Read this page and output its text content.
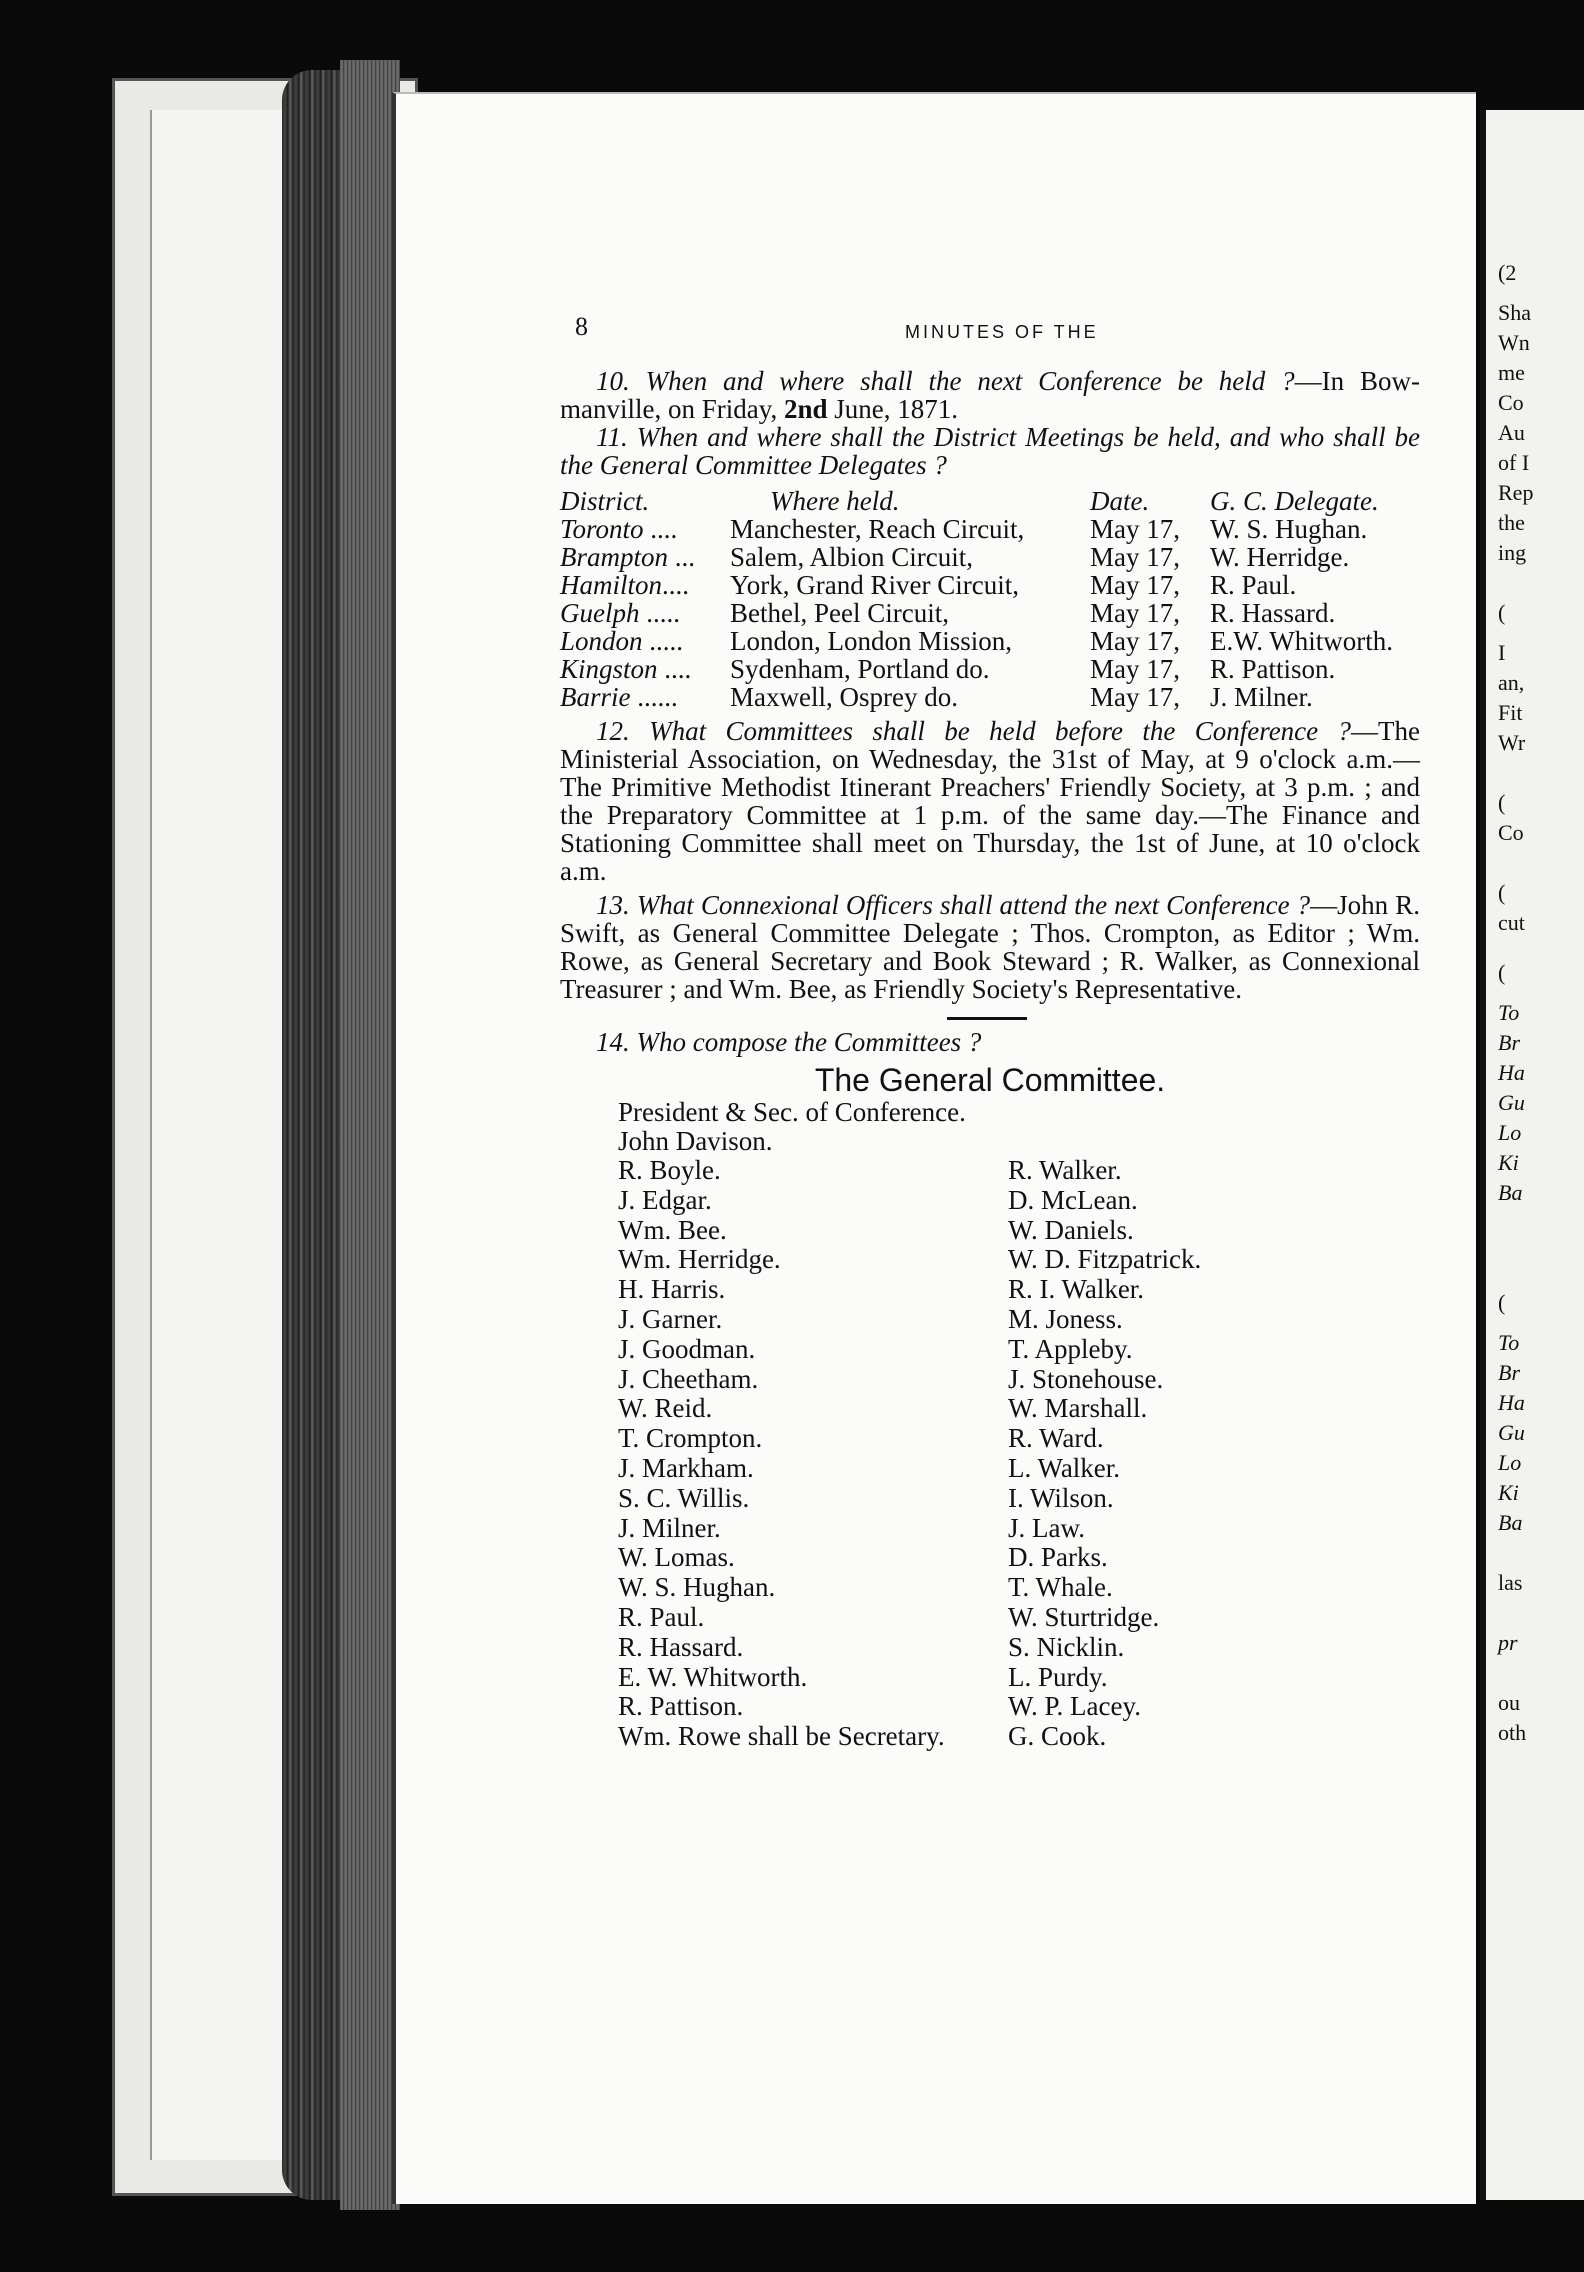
(2
Sha
Wn
me
Co
Au
of I
Rep
the
ing
(
I
an,
Fit
Wr
(
Co
(
cut
(
To
Br
Ha
Gu
Lo
Ki
Ba
(
To
Br
Ha
Gu
Lo
Ki
Ba
las
pr
ou
oth
8	MINUTES OF THE

10. When and where shall the next Conference be held ?—In Bow-manville, on Friday, 2nd June, 1871.

11. When and where shall the District Meetings be held, and who shall be the General Committee Delegates ?

District.	Where held.	Date.	G. C. Delegate.
Toronto ....	Manchester, Reach Circuit,	May 17,	W. S. Hughan.
Brampton ...	Salem, Albion Circuit,	May 17,	W. Herridge.
Hamilton....	York, Grand River Circuit,	May 17,	R. Paul.
Guelph .....	Bethel, Peel Circuit,	May 17,	R. Hassard.
London .....	London, London Mission,	May 17,	E.W. Whitworth.
Kingston ....	Sydenham, Portland do.	May 17,	R. Pattison.
Barrie ......	Maxwell, Osprey do.	May 17,	J. Milner.

12. What Committees shall be held before the Conference ?—The Ministerial Association, on Wednesday, the 31st of May, at 9 o'clock a.m.—The Primitive Methodist Itinerant Preachers' Friendly Society, at 3 p.m. ; and the Preparatory Committee at 1 p.m. of the same day.—The Finance and Stationing Committee shall meet on Thursday, the 1st of June, at 10 o'clock a.m.

13. What Connexional Officers shall attend the next Conference ?—John R. Swift, as General Committee Delegate ; Thos. Crompton, as Editor ; Wm. Rowe, as General Secretary and Book Steward ; R. Walker, as Connexional Treasurer ; and Wm. Bee, as Friendly Society's Representative.

14. Who compose the Committees ?

The General Committee.
President & Sec. of Conference.
John Davison.
R. Boyle.
J. Edgar.
Wm. Bee.
Wm. Herridge.
H. Harris.
J. Garner.
J. Goodman.
J. Cheetham.
W. Reid.
T. Crompton.
J. Markham.
S. C. Willis.
J. Milner.
W. Lomas.
W. S. Hughan.
R. Paul.
R. Hassard.
E. W. Whitworth.
R. Pattison.
Wm. Rowe shall be Secretary.
R. Walker.
D. McLean.
W. Daniels.
W. D. Fitzpatrick.
R. I. Walker.
M. Joness.
T. Appleby.
J. Stonehouse.
W. Marshall.
R. Ward.
L. Walker.
I. Wilson.
J. Law.
D. Parks.
T. Whale.
W. Sturtridge.
S. Nicklin.
L. Purdy.
W. P. Lacey.
G. Cook.
